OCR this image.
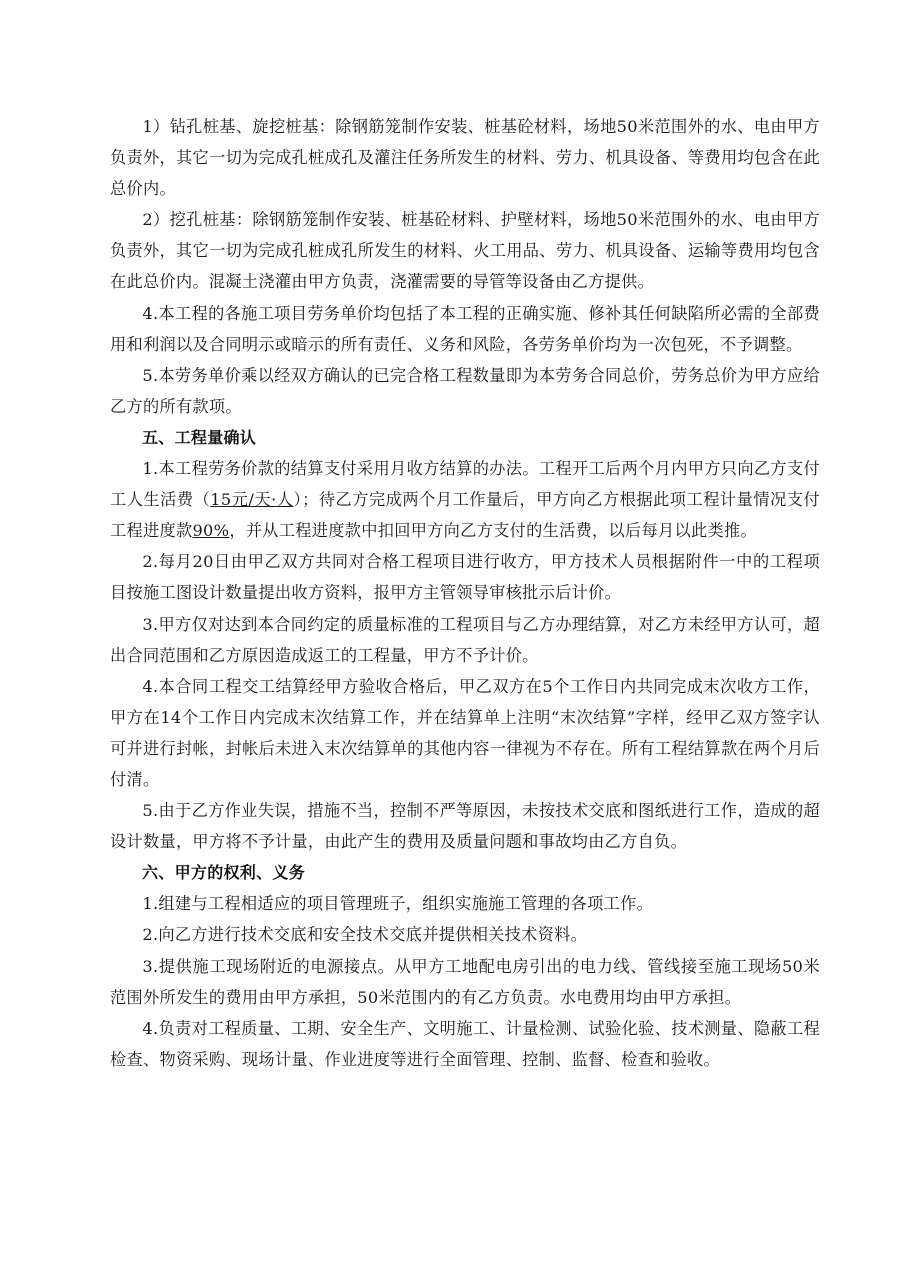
1）钻孔桩基、旋挖桩基：除钢筋笼制作安装、桩基砼材料，场地50米范围外的水、电由甲方负责外，其它一切为完成孔桩成孔及灌注任务所发生的材料、劳力、机具设备、等费用均包含在此总价内。

2）挖孔桩基：除钢筋笼制作安装、桩基砼材料、护壁材料，场地50米范围外的水、电由甲方负责外，其它一切为完成孔桩成孔所发生的材料、火工用品、劳力、机具设备、运输等费用均包含在此总价内。混凝土浇灌由甲方负责，浇灌需要的导管等设备由乙方提供。

4.本工程的各施工项目劳务单价均包括了本工程的正确实施、修补其任何缺陷所必需的全部费用和利润以及合同明示或暗示的所有责任、义务和风险，各劳务单价均为一次包死，不予调整。

5.本劳务单价乘以经双方确认的已完合格工程数量即为本劳务合同总价，劳务总价为甲方应给乙方的所有款项。

五、工程量确认

1.本工程劳务价款的结算支付采用月收方结算的办法。工程开工后两个月内甲方只向乙方支付工人生活费（15元/天·人）；待乙方完成两个月工作量后，甲方向乙方根据此项工程计量情况支付工程进度款90%，并从工程进度款中扣回甲方向乙方支付的生活费，以后每月以此类推。

2.每月20日由甲乙双方共同对合格工程项目进行收方，甲方技术人员根据附件一中的工程项目按施工图设计数量提出收方资料，报甲方主管领导审核批示后计价。

3.甲方仅对达到本合同约定的质量标准的工程项目与乙方办理结算，对乙方未经甲方认可，超出合同范围和乙方原因造成返工的工程量，甲方不予计价。

4.本合同工程交工结算经甲方验收合格后，甲乙双方在5个工作日内共同完成末次收方工作，甲方在14个工作日内完成末次结算工作，并在结算单上注明“末次结算”字样，经甲乙双方签字认可并进行封帐，封帐后未进入末次结算单的其他内容一律视为不存在。所有工程结算款在两个月后付清。

5.由于乙方作业失误，措施不当，控制不严等原因，未按技术交底和图纸进行工作，造成的超设计数量，甲方将不予计量，由此产生的费用及质量问题和事故均由乙方自负。

六、甲方的权利、义务

1.组建与工程相适应的项目管理班子，组织实施施工管理的各项工作。

2.向乙方进行技术交底和安全技术交底并提供相关技术资料。

3.提供施工现场附近的电源接点。从甲方工地配电房引出的电力线、管线接至施工现场50米范围外所发生的费用由甲方承担，50米范围内的有乙方负责。水电费用均由甲方承担。

4.负责对工程质量、工期、安全生产、文明施工、计量检测、试验化验、技术测量、隐蔽工程检查、物资采购、现场计量、作业进度等进行全面管理、控制、监督、检查和验收。
